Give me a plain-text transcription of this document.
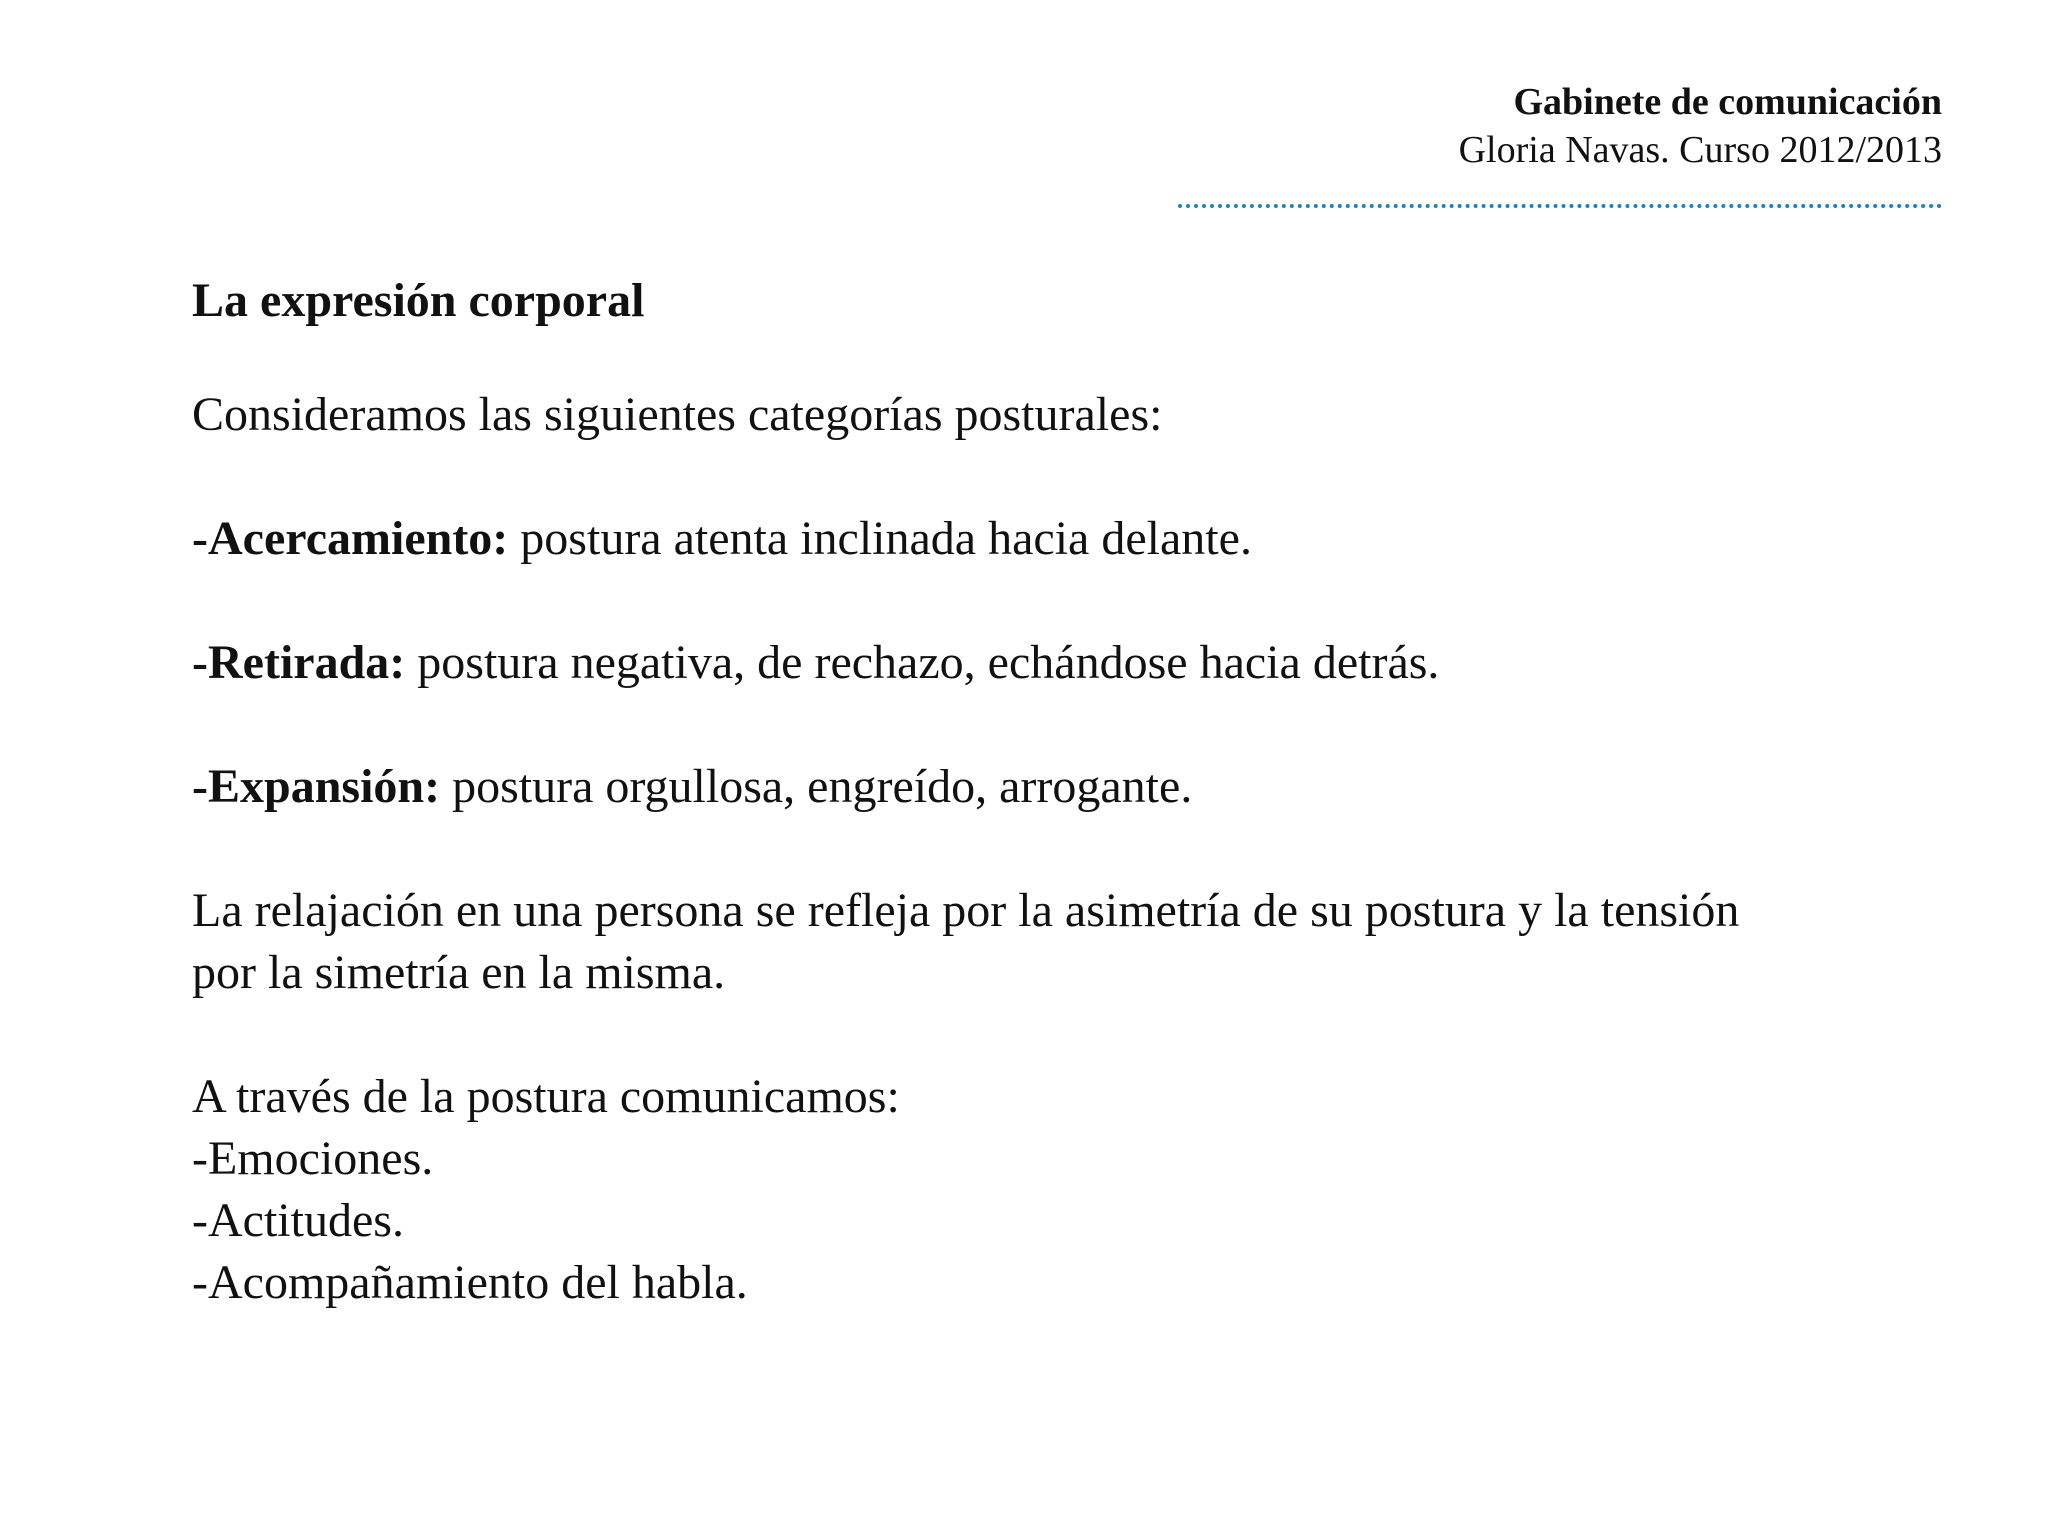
Gabinete de comunicación
Gloria Navas. Curso 2012/2013
La expresión corporal

Consideramos las siguientes categorías posturales:

-Acercamiento: postura atenta inclinada hacia delante.

-Retirada: postura negativa, de rechazo, echándose hacia detrás.

-Expansión: postura orgullosa, engreído, arrogante.

La relajación en una persona se refleja por la asimetría de su postura y la tensión
por la simetría en la misma.

A través de la postura comunicamos:

-Emociones.

-Actitudes.

-Acompañamiento del habla.
